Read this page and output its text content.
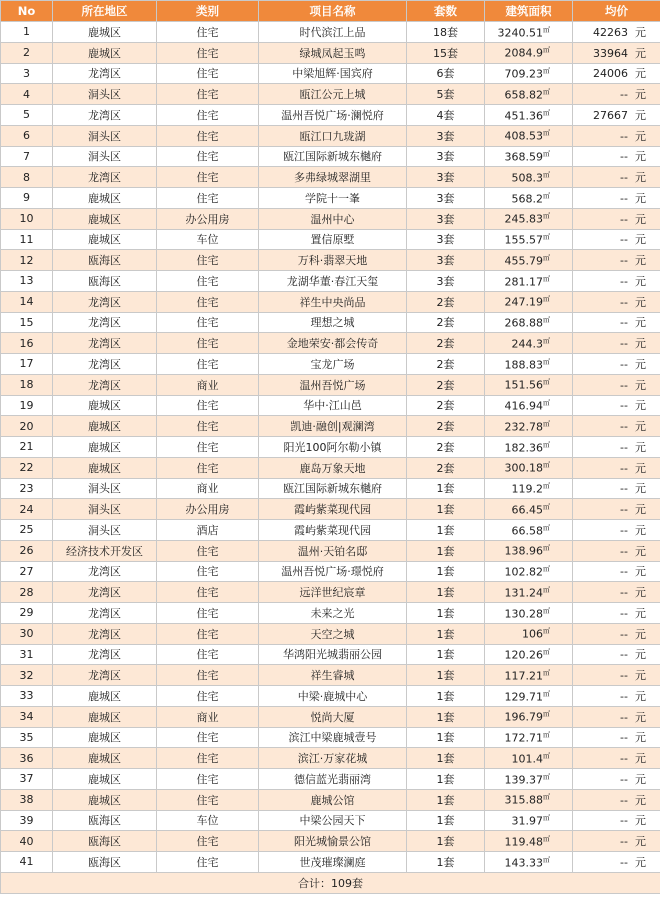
No	所在地区	类别	项目名称	套数	建筑面积	均价
1	鹿城区	住宅	时代滨江上品	18套	3240.51㎡	42263 元
2	鹿城区	住宅	绿城凤起玉鸣	15套	2084.9㎡	33964 元
3	龙湾区	住宅	中梁旭辉·国宾府	6套	709.23㎡	24006 元
4	洞头区	住宅	瓯江公元上城	5套	658.82㎡	-- 元
5	龙湾区	住宅	温州吾悦广场·澜悦府	4套	451.36㎡	27667 元
6	洞头区	住宅	瓯江口九珑湖	3套	408.53㎡	-- 元
7	洞头区	住宅	瓯江国际新城东樾府	3套	368.59㎡	-- 元
8	龙湾区	住宅	多弗绿城翠湖里	3套	508.3㎡	-- 元
9	鹿城区	住宅	学院十一峯	3套	568.2㎡	-- 元
10	鹿城区	办公用房	温州中心	3套	245.83㎡	-- 元
11	鹿城区	车位	置信原墅	3套	155.57㎡	-- 元
12	瓯海区	住宅	万科·翡翠天地	3套	455.79㎡	-- 元
13	瓯海区	住宅	龙湖华董·春江天玺	3套	281.17㎡	-- 元
14	龙湾区	住宅	祥生中央尚品	2套	247.19㎡	-- 元
15	龙湾区	住宅	理想之城	2套	268.88㎡	-- 元
16	龙湾区	住宅	金地荣安·都会传奇	2套	244.3㎡	-- 元
17	龙湾区	住宅	宝龙广场	2套	188.83㎡	-- 元
18	龙湾区	商业	温州吾悦广场	2套	151.56㎡	-- 元
19	鹿城区	住宅	华中·江山邑	2套	416.94㎡	-- 元
20	鹿城区	住宅	凯迪·融创|观澜湾	2套	232.78㎡	-- 元
21	鹿城区	住宅	阳光100阿尔勒小镇	2套	182.36㎡	-- 元
22	鹿城区	住宅	鹿岛万象天地	2套	300.18㎡	-- 元
23	洞头区	商业	瓯江国际新城东樾府	1套	119.2㎡	-- 元
24	洞头区	办公用房	霞屿紫菜现代园	1套	66.45㎡	-- 元
25	洞头区	酒店	霞屿紫菜现代园	1套	66.58㎡	-- 元
26	经济技术开发区	住宅	温州·天铂名邸	1套	138.96㎡	-- 元
27	龙湾区	住宅	温州吾悦广场·璟悦府	1套	102.82㎡	-- 元
28	龙湾区	住宅	远洋世纪宸章	1套	131.24㎡	-- 元
29	龙湾区	住宅	未来之光	1套	130.28㎡	-- 元
30	龙湾区	住宅	天空之城	1套	106㎡	-- 元
31	龙湾区	住宅	华鸿阳光城翡丽公园	1套	120.26㎡	-- 元
32	龙湾区	住宅	祥生睿城	1套	117.21㎡	-- 元
33	鹿城区	住宅	中梁·鹿城中心	1套	129.71㎡	-- 元
34	鹿城区	商业	悦尚大厦	1套	196.79㎡	-- 元
35	鹿城区	住宅	滨江中梁鹿城壹号	1套	172.71㎡	-- 元
36	鹿城区	住宅	滨江·万家花城	1套	101.4㎡	-- 元
37	鹿城区	住宅	德信蓝光翡丽湾	1套	139.37㎡	-- 元
38	鹿城区	住宅	鹿城公馆	1套	315.88㎡	-- 元
39	瓯海区	车位	中梁公园天下	1套	31.97㎡	-- 元
40	瓯海区	住宅	阳光城愉景公馆	1套	119.48㎡	-- 元
41	瓯海区	住宅	世茂璀璨澜庭	1套	143.33㎡	-- 元
合计：109套						
